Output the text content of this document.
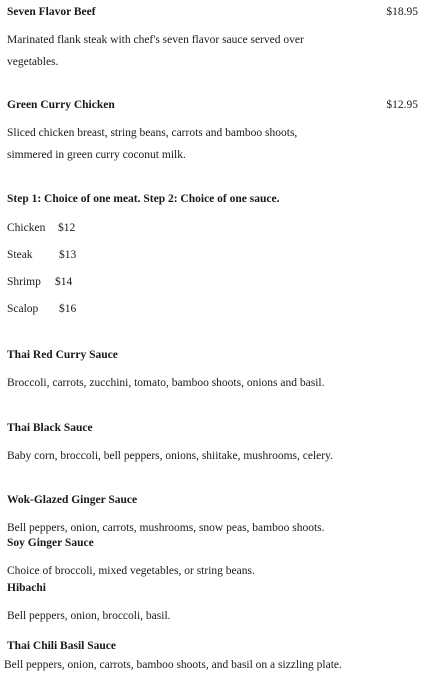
Seven Flavor Beef	$18.95
Marinated flank steak with chef's seven flavor sauce served over
vegetables.
Green Curry Chicken	$12.95
Sliced chicken breast, string beans, carrots and bamboo shoots,
simmered in green curry coconut milk.
Step 1: Choice of one meat. Step 2: Choice of one sauce.
Chicken $12
Steak $13
Shrimp $14
Scalop $16
Thai Red Curry Sauce
Broccoli, carrots, zucchini, tomato, bamboo shoots, onions and basil.
Thai Black Sauce
Baby corn, broccoli, bell peppers, onions, shiitake, mushrooms, celery.
Wok-Glazed Ginger Sauce
Bell peppers, onion, carrots, mushrooms, snow peas, bamboo shoots.
Soy Ginger Sauce
Choice of broccoli, mixed vegetables, or string beans.
Hibachi
Bell peppers, onion, broccoli, basil.
Thai Chili Basil Sauce
Bell peppers, onion, carrots, bamboo shoots, and basil on a sizzling plate.
